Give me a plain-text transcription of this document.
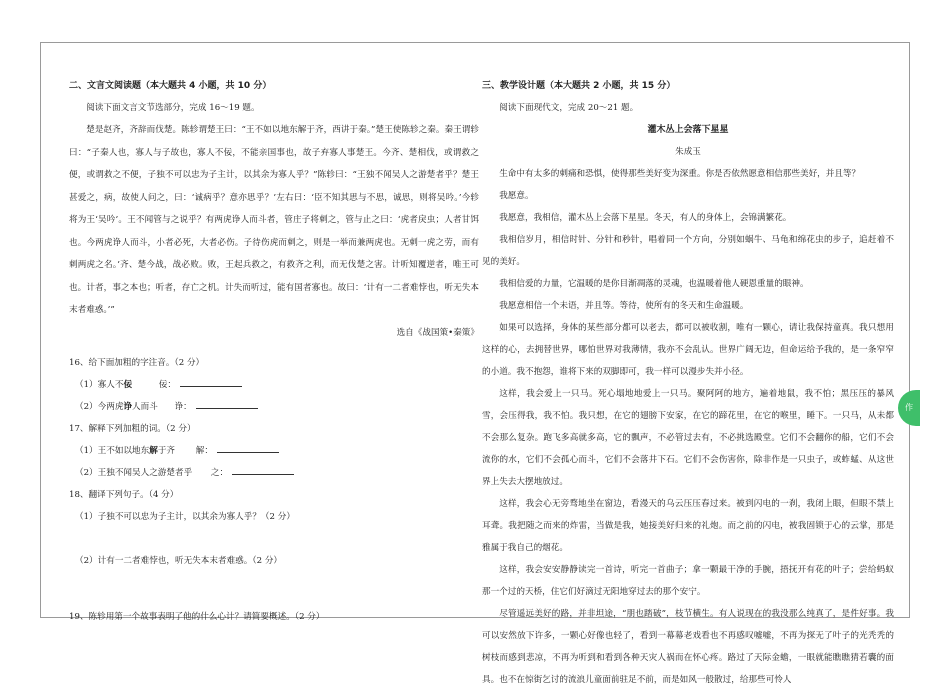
二、文言文阅读题（本大题共 4 小题，共 10 分）

阅读下面文言文节选部分，完成 16～19 题。

楚是赵齐，齐辞而伐楚。陈轸谓楚王曰：“王不如以地东解于齐，西讲于秦。”楚王使陈轸之秦。秦王谓轸曰：“子秦人也，寡人与子故也，寡人不佞，不能亲国事也，故子弃寡人事楚王。今齐、楚相伐，或谓救之便，或谓救之不便，子独不可以忠为子主计，以其余为寡人乎？”陈轸曰：“王独不闻吴人之游楚者乎？楚王甚爱之，病，故使人问之，曰：‘诚病乎？意亦思乎？’左右曰：‘臣不知其思与不思，诚思，则将吴吟。’今轸将为王‘吴吟’。王不闻管与之说乎？有两虎诤人而斗者，管庄子将刺之，管与止之曰：‘虎者戾虫；人者甘饵也。今两虎诤人而斗，小者必死，大者必伤。子待伤虎而刺之，则是一举而兼两虎也。无刺一虎之劳，而有刺两虎之名。’齐、楚今战，战必败。败，王起兵救之，有救齐之利，而无伐楚之害。计听知覆逆者，唯王可也。计者，事之本也；听者，存亡之机。计失而听过，能有国者寡也。故曰：‘计有一二者难悖也，听无失本末者难惑。’”

选自《战国策•秦策》

16、给下面加粗的字注音。（2 分）

（1）寡人不佞	佞：

（2）今两虎诤人而斗 诤：

17、解释下列加粗的词。（2 分）

（1）王不如以地东解于齐 解：

（2）王独不闻吴人之游楚者乎 之：

18、翻译下列句子。（4 分）

（1）子独不可以忠为子主计，以其余为寡人乎？（2 分）

（2）计有一二者难悖也，听无失本末者难惑。（2 分）

19、陈轸用第一个故事表明了他的什么心计？请简要概述。（2 分）

三、教学设计题（本大题共 2 小题，共 15 分）

阅读下面现代文，完成 20～21 题。

灌木丛上会落下星星

朱成玉

生命中有太多的刺痛和恐惧，使得那些美好变为深重。你是否依然愿意相信那些美好，并且等？

我愿意。

我愿意，我相信，灌木丛上会落下星星。冬天，有人的身体上，会锦满繁花。

我相信岁月，相信时针、分针和秒针，唱着同一个方向，分别如蜗牛、马龟和绵花虫的步子，追赶着不见的美好。

我相信爱的力量，它温暖的是你目渐凋落的灵魂，也温暖着他人硬恩重量的眼神。

我愿意相信一个未语，并且等。等待，使所有的冬天和生命温暖。

如果可以选择，身体的某些部分都可以老去，都可以被收割，唯有一颗心，请让我保持童真。我只想用这样的心，去拥替世界，哪怕世界对我薄情，我亦不会乱认。世界广阔无边，但命运给予我的，是一条窄窄的小道。我不抱怨，谁将下来的双脚即可，我一样可以漫步失并小径。

这样，我会爱上一只马。死心塌地地爱上一只马。聚阿阿的地方，遍着地鼠，我不怕；黑压压的暴风雪，会压得我，我不怕。我只想，在它的翅膀下安家，在它的蹄花里，在它的喉里，睡下。一只马，从未都不会那么复杂。跑飞多高就多高，它的飘声，不必管过去有，不必挑选殿堂。它们不会翻你的船，它们不会流你的水，它们不会孤心而斗，它们不会落井下石。它们不会伤害你，除非作是一只虫子，或蚱蜢、从这世界上失去大摆地放过。

这样，我会心无旁骛地坐在窗边，看漫天的乌云压压春过来。被到闪电的一刹，我闭上眼，但眼不禁上耳聋。我把随之而来的炸雷，当做是我，她接美好归来的礼炮。而之前的闪电，被我固锁于心的云掌，那是雅属于我自己的烟花。

这样，我会安安静静读完一首诗，听完一首曲子；拿一颗最干净的手腕，捂抚开有花的叶子；尝给蚂蚁那一个过的天桥，住它们好滴过无阳地穿过去的那个安宁。

尽管遥远美好的路，并非坦途，“朋也踏破”，枝节横生。有人说现在的我没那么纯真了，是件好事。我可以安然放下许多，一颗心好像也轻了，看到一幕幕老戏看也不再感叹嘘嘘，不再为探无了叶子的光秃秃的树枝而感到悲凉，不再为听到和看到各种天灾人祸而在怀心疼。路过了天际金蟾，一眼就能瞧瞧猜若囊的面具。也不在惊街乞讨的流浪儿童面前驻足不前，而是如风一般散过，给那些可怜人

作
